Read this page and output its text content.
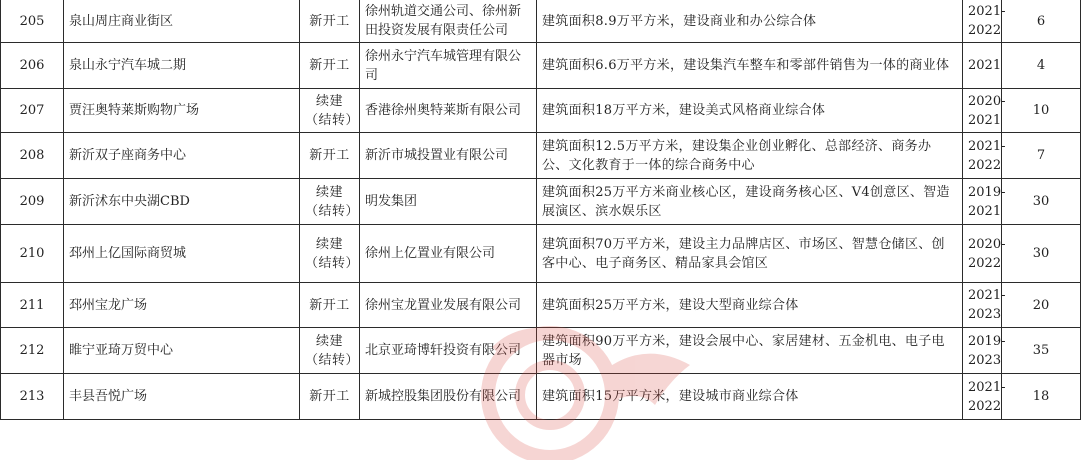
205	泉山周庄商业街区	新开工	徐州轨道交通公司、徐州新田投资发展有限责任公司	建筑面积8.9万平方米，建设商业和办公综合体	2021-2022	6
206	泉山永宁汽车城二期	新开工	徐州永宁汽车城管理有限公司	建筑面积6.6万平方米，建设集汽车整车和零部件销售为一体的商业体	2021	4
207	贾汪奥特莱斯购物广场	续建（结转）	香港徐州奥特莱斯有限公司	建筑面积18万平方米，建设美式风格商业综合体	2020-2021	10
208	新沂双子座商务中心	新开工	新沂市城投置业有限公司	建筑面积12.5万平方米，建设集企业创业孵化、总部经济、商务办公、文化教育于一体的综合商务中心	2021-2022	7
209	新沂沭东中央湖CBD	续建（结转）	明发集团	建筑面积25万平方米商业核心区，建设商务核心区、V4创意区、智造展演区、滨水娱乐区	2019-2021	30
210	邳州上亿国际商贸城	续建（结转）	徐州上亿置业有限公司	建筑面积70万平方米，建设主力品牌店区、市场区、智慧仓储区、创客中心、电子商务区、精品家具会馆区	2020-2022	30
211	邳州宝龙广场	新开工	徐州宝龙置业发展有限公司	建筑面积25万平方米，建设大型商业综合体	2021-2023	20
212	睢宁亚琦万贸中心	续建（结转）	北京亚琦博轩投资有限公司	建筑面积90万平方米，建设会展中心、家居建材、五金机电、电子电器市场	2019-2023	35
213	丰县吾悦广场	新开工	新城控股集团股份有限公司	建筑面积15万平方米，建设城市商业综合体	2021-2022	18
